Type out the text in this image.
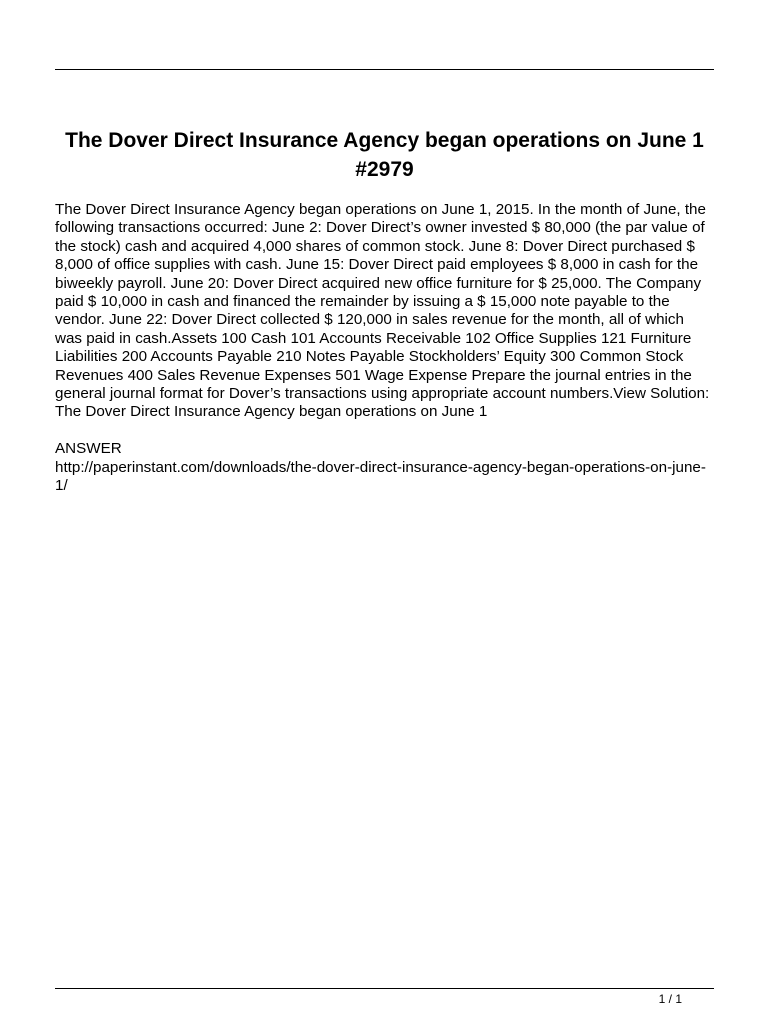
The Dover Direct Insurance Agency began operations on June 1 #2979

The Dover Direct Insurance Agency began operations on June 1, 2015. In the month of June, the following transactions occurred: June 2: Dover Direct’s owner invested $ 80,000 (the par value of the stock) cash and acquired 4,000 shares of common stock. June 8: Dover Direct purchased $ 8,000 of office supplies with cash. June 15: Dover Direct paid employees $ 8,000 in cash for the biweekly payroll. June 20: Dover Direct acquired new office furniture for $ 25,000. The Company paid $ 10,000 in cash and financed the remainder by issuing a $ 15,000 note payable to the vendor. June 22: Dover Direct collected $ 120,000 in sales revenue for the month, all of which was paid in cash.Assets 100 Cash 101 Accounts Receivable 102 Office Supplies 121 Furniture Liabilities 200 Accounts Payable 210 Notes Payable Stockholders’ Equity 300 Common Stock Revenues 400 Sales Revenue Expenses 501 Wage Expense Prepare the journal entries in the general journal format for Dover’s transactions using appropriate account numbers.View Solution:

The Dover Direct Insurance Agency began operations on June 1

ANSWER

http://paperinstant.com/downloads/the-dover-direct-insurance-agency-began-operations-on-june-1/

1 / 1
